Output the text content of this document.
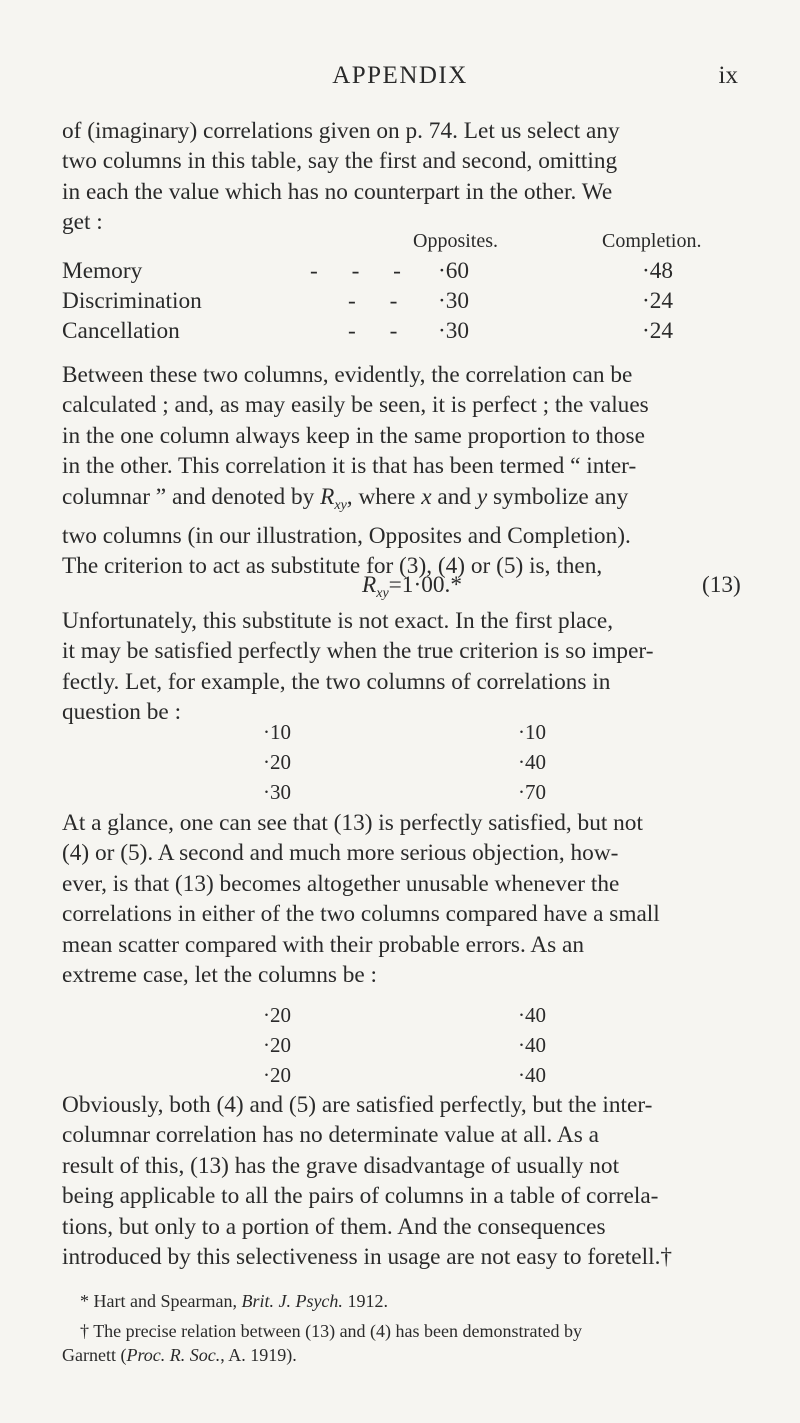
APPENDIX	ix
of (imaginary) correlations given on p. 74. Let us select any
two columns in this table, say the first and second, omitting
in each the value which has no counterpart in the other. We
get :
Opposites.	Completion.
Memory	- - - ·60	·48
Discrimination	- - ·30	·24
Cancellation	- - ·30	·24
Between these two columns, evidently, the correlation can be
calculated ; and, as may easily be seen, it is perfect ; the values
in the one column always keep in the same proportion to those
in the other. This correlation it is that has been termed “ inter-
columnar ” and denoted by $R_{xy}$, where x and y symbolize any
two columns (in our illustration, Opposites and Completion).
The criterion to act as substitute for (3), (4) or (5) is, then,
$R_{xy}=1\cdot 00.*$	(13)
Unfortunately, this substitute is not exact. In the first place,
it may be satisfied perfectly when the true criterion is so imper-
fectly. Let, for example, the two columns of correlations in
question be :
·10	·10
·20	·40
·30	·70
At a glance, one can see that (13) is perfectly satisfied, but not
(4) or (5). A second and much more serious objection, how-
ever, is that (13) becomes altogether unusable whenever the
correlations in either of the two columns compared have a small
mean scatter compared with their probable errors. As an
extreme case, let the columns be :
·20	·40
·20	·40
·20	·40
Obviously, both (4) and (5) are satisfied perfectly, but the inter-
columnar correlation has no determinate value at all. As a
result of this, (13) has the grave disadvantage of usually not
being applicable to all the pairs of columns in a table of correla-
tions, but only to a portion of them. And the consequences
introduced by this selectiveness in usage are not easy to foretell.†

* Hart and Spearman, Brit. J. Psych. 1912.

† The precise relation between (13) and (4) has been demonstrated by

Garnett (Proc. R. Soc., A. 1919).
